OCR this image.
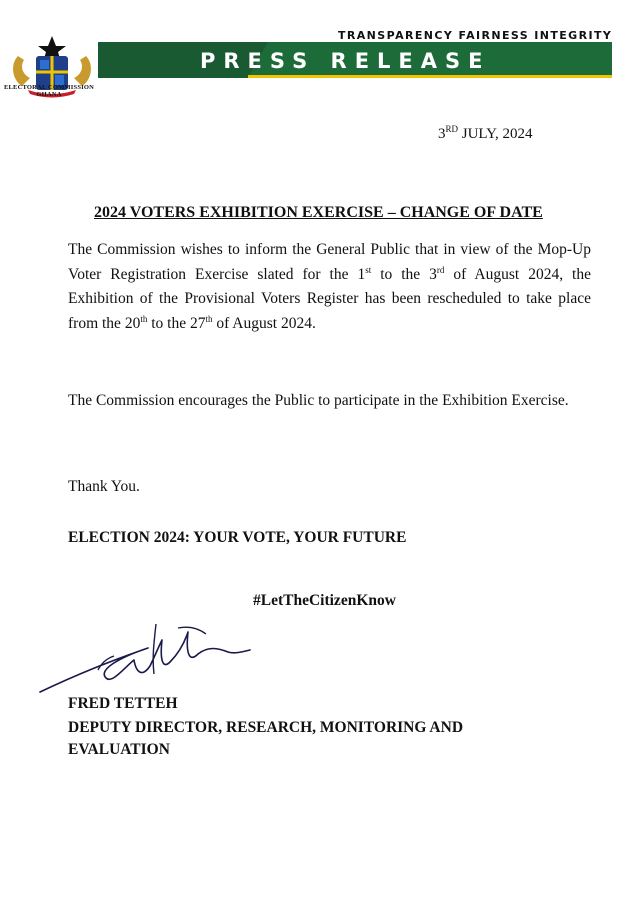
ELECTORAL COMMISSION
GHANA
TRANSPARENCY FAIRNESS INTEGRITY
PRESS RELEASE
3RD JULY, 2024
2024 VOTERS EXHIBITION EXERCISE – CHANGE OF DATE
The Commission wishes to inform the General Public that in view of the Mop-Up Voter Registration Exercise slated for the 1st to the 3rd of August 2024, the Exhibition of the Provisional Voters Register has been rescheduled to take place from the 20th to the 27th of August 2024.
The Commission encourages the Public to participate in the Exhibition Exercise.
Thank You.
ELECTION 2024: YOUR VOTE, YOUR FUTURE
#LetTheCitizenKnow
FRED TETTEH
DEPUTY DIRECTOR, RESEARCH, MONITORING AND
EVALUATION
